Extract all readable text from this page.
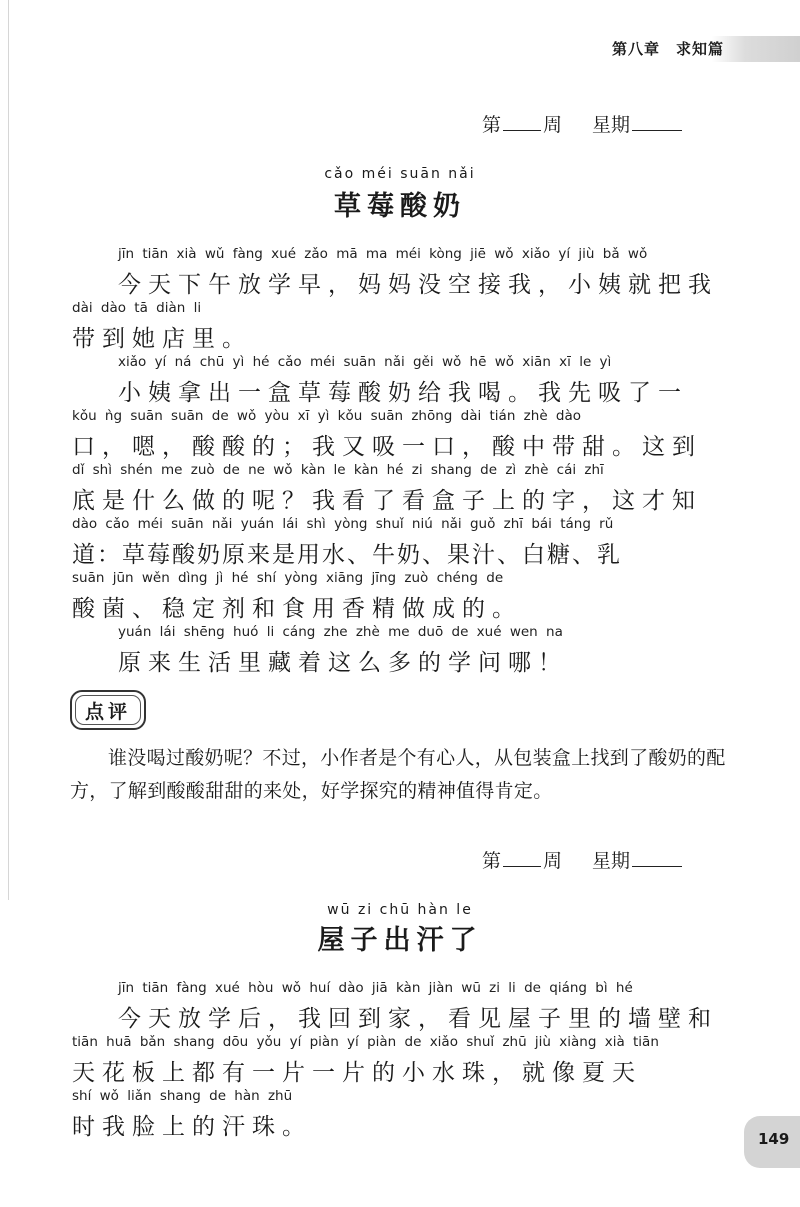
第八章　求知篇
第 周 星期
cǎo méi suān nǎi
草莓酸奶
jīn tiān xià wǔ fàng xué zǎo mā ma méi kòng jiē wǒ xiǎo yí jiù bǎ wǒ
今天下午放学早，妈妈没空接我，小姨就把我
dài dào tā diàn li
带到她店里。
xiǎo yí ná chū yì hé cǎo méi suān nǎi gěi wǒ hē wǒ xiān xī le yì
小姨拿出一盒草莓酸奶给我喝。我先吸了一
kǒu ǹg suān suān de wǒ yòu xī yì kǒu suān zhōng dài tián zhè dào
口，嗯，酸酸的；我又吸一口，酸中带甜。这到
dǐ shì shén me zuò de ne wǒ kàn le kàn hé zi shang de zì zhè cái zhī
底是什么做的呢？我看了看盒子上的字，这才知
dào cǎo méi suān nǎi yuán lái shì yòng shuǐ niú nǎi guǒ zhī bái táng rǔ
道：草莓酸奶原来是用水、牛奶、果汁、白糖、乳
suān jūn wěn dìng jì hé shí yòng xiāng jīng zuò chéng de
酸菌、稳定剂和食用香精做成的。
yuán lái shēng huó li cáng zhe zhè me duō de xué wen na
原来生活里藏着这么多的学问哪！
点评
谁没喝过酸奶呢？不过，小作者是个有心人，从包装盒上找到了酸奶的配方，了解到酸酸甜甜的来处，好学探究的精神值得肯定。
第 周 星期
wū zi chū hàn le
屋子出汗了
jīn tiān fàng xué hòu wǒ huí dào jiā kàn jiàn wū zi li de qiáng bì hé
今天放学后，我回到家，看见屋子里的墙壁和
tiān huā bǎn shang dōu yǒu yí piàn yí piàn de xiǎo shuǐ zhū jiù xiàng xià tiān
天花板上都有一片一片的小水珠，就像夏天
shí wǒ liǎn shang de hàn zhū
时我脸上的汗珠。	149
